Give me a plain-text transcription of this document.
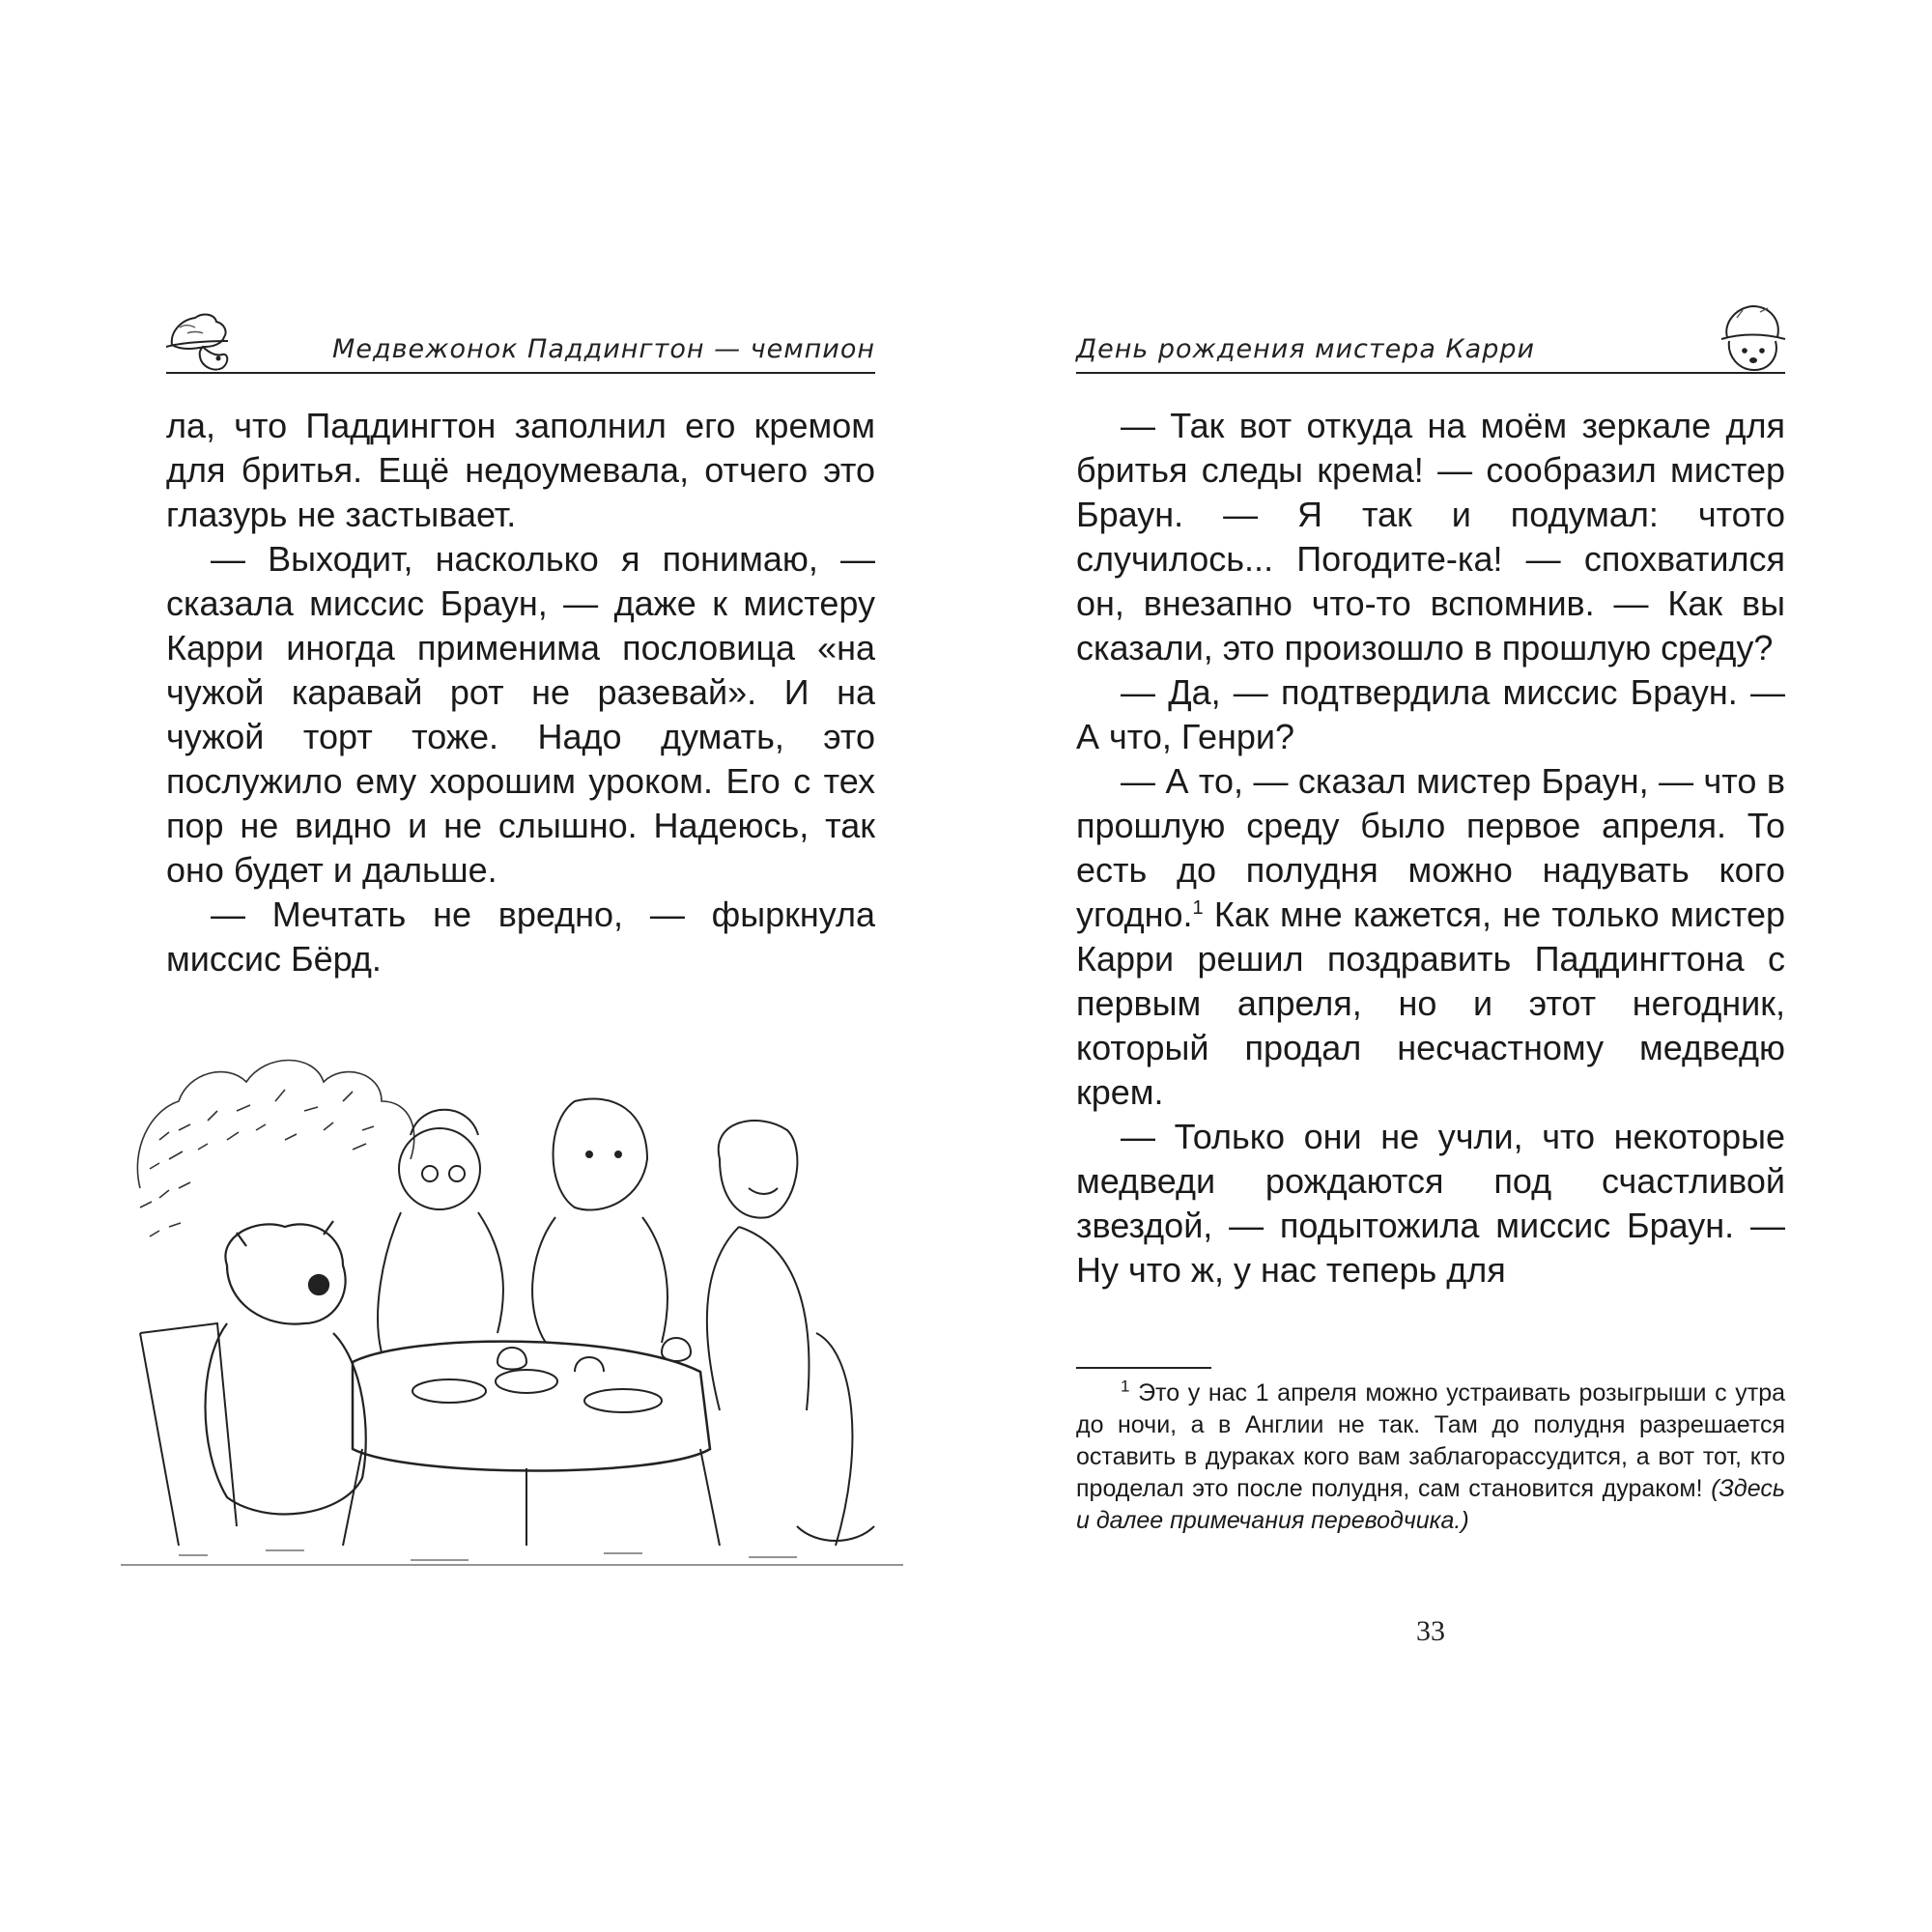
Медвежонок Паддингтон — чемпион

ла, что Паддингтон заполнил его кремом для бритья. Ещё недоумевала, отчего это глазурь не застывает.

— Выходит, насколько я понимаю, — сказала миссис Браун, — даже к мистеру Карри иногда применима пословица «на чужой каравай рот не разевай». И на чужой торт тоже. Надо думать, это послужило ему хорошим уроком. Его с тех пор не видно и не слышно. Надеюсь, так оно будет и дальше.

— Мечтать не вредно, — фыркнула миссис Бёрд.

День рождения мистера Карри

— Так вот откуда на моём зеркале для бритья следы крема! — сообразил мистер Браун. — Я так и подумал: чтото случилось... Погодите-ка! — спохватился он, внезапно что-то вспомнив. — Как вы сказали, это произошло в прошлую среду?

— Да, — подтвердила миссис Браун. — А что, Генри?

— А то, — сказал мистер Браун, — что в прошлую среду было первое апреля. То есть до полудня можно надувать кого угодно.$^1$ Как мне кажется, не только мистер Карри решил поздравить Паддингтона с первым апреля, но и этот негодник, который продал несчастному медведю крем.

— Только они не учли, что некоторые медведи рождаются под счастливой звездой, — подытожила миссис Браун. — Ну что ж, у нас теперь для

$^1$ Это у нас 1 апреля можно устраивать розыгрыши с утра до ночи, а в Англии не так. Там до полудня разрешается оставить в дураках кого вам заблагорассудится, а вот тот, кто проделал это после полудня, сам становится дураком! (Здесь и далее примечания переводчика.)

33
